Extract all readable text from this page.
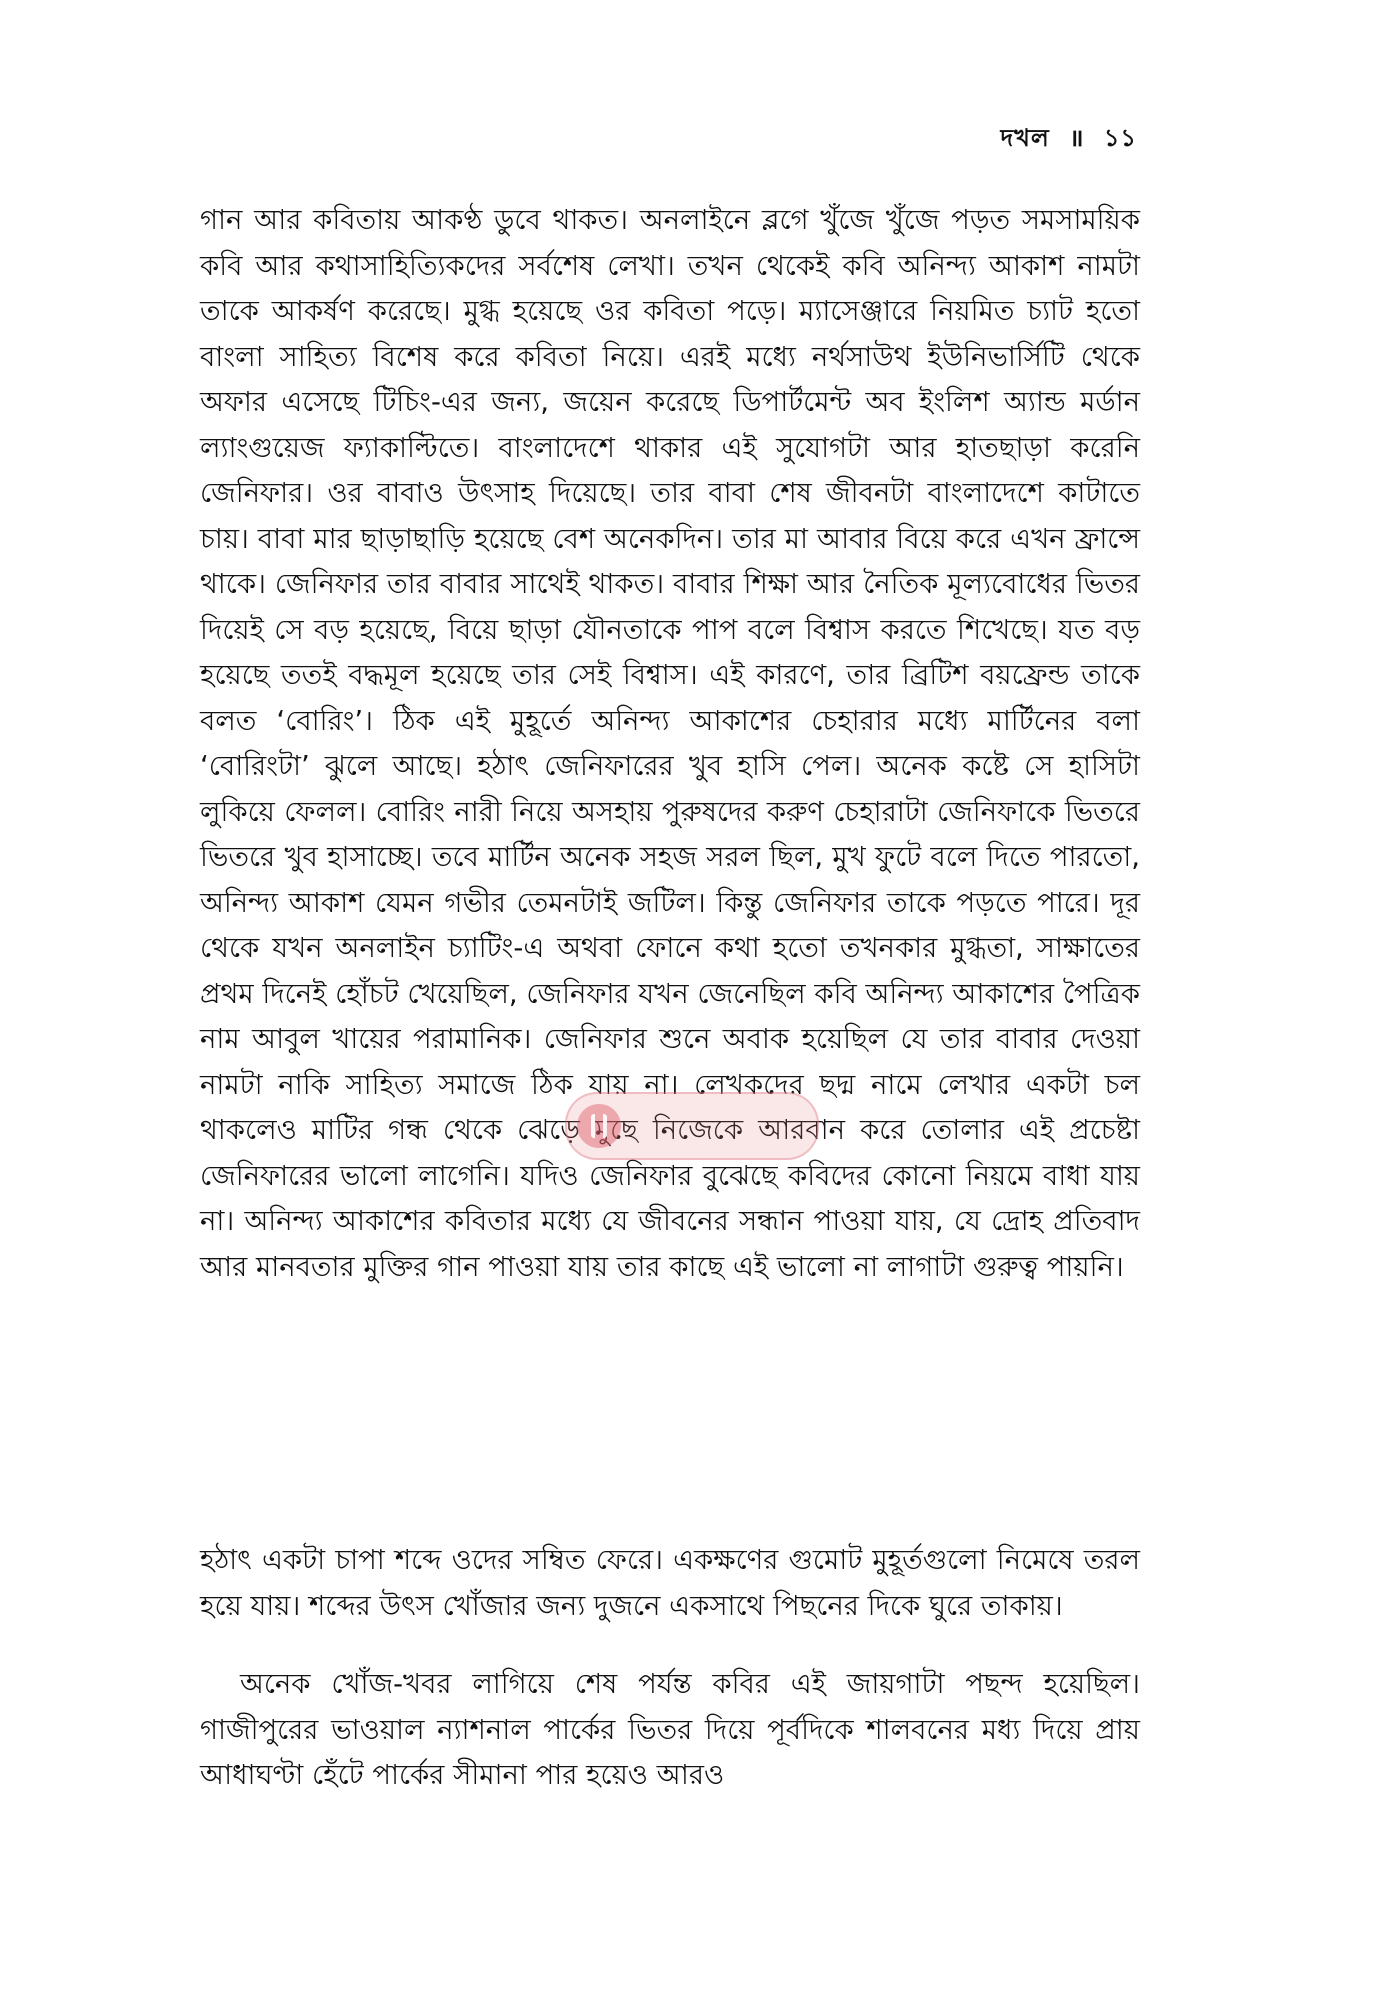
দখল ॥ ১১

গান আর কবিতায় আকণ্ঠ ডুবে থাকত। অনলাইনে ব্লগে খুঁজে খুঁজে পড়ত সমসাময়িক কবি আর কথাসাহিত্যিকদের সর্বশেষ লেখা। তখন থেকেই কবি অনিন্দ্য আকাশ নামটা তাকে আকর্ষণ করেছে। মুগ্ধ হয়েছে ওর কবিতা পড়ে। ম্যাসেঞ্জারে নিয়মিত চ্যাট হতো বাংলা সাহিত্য বিশেষ করে কবিতা নিয়ে। এরই মধ্যে নর্থসাউথ ইউনিভার্সিটি থেকে অফার এসেছে টিচিং-এর জন্য, জয়েন করেছে ডিপার্টমেন্ট অব ইংলিশ অ্যান্ড মর্ডান ল্যাংগুয়েজ ফ্যাকাল্টিতে। বাংলাদেশে থাকার এই সুযোগটা আর হাতছাড়া করেনি জেনিফার। ওর বাবাও উৎসাহ দিয়েছে। তার বাবা শেষ জীবনটা বাংলাদেশে কাটাতে চায়। বাবা মার ছাড়াছাড়ি হয়েছে বেশ অনেকদিন। তার মা আবার বিয়ে করে এখন ফ্রান্সে থাকে। জেনিফার তার বাবার সাথেই থাকত। বাবার শিক্ষা আর নৈতিক মূল্যবোধের ভিতর দিয়েই সে বড় হয়েছে, বিয়ে ছাড়া যৌনতাকে পাপ বলে বিশ্বাস করতে শিখেছে। যত বড় হয়েছে ততই বদ্ধমূল হয়েছে তার সেই বিশ্বাস। এই কারণে, তার ব্রিটিশ বয়ফ্রেন্ড তাকে বলত ‘বোরিং’। ঠিক এই মুহূর্তে অনিন্দ্য আকাশের চেহারার মধ্যে মার্টিনের বলা ‘বোরিংটা’ ঝুলে আছে। হঠাৎ জেনিফারের খুব হাসি পেল। অনেক কষ্টে সে হাসিটা লুকিয়ে ফেলল। বোরিং নারী নিয়ে অসহায় পুরুষদের করুণ চেহারাটা জেনিফাকে ভিতরে ভিতরে খুব হাসাচ্ছে। তবে মার্টিন অনেক সহজ সরল ছিল, মুখ ফুটে বলে দিতে পারতো, অনিন্দ্য আকাশ যেমন গভীর তেমনটাই জটিল। কিন্তু জেনিফার তাকে পড়তে পারে। দূর থেকে যখন অনলাইন চ্যাটিং-এ অথবা ফোনে কথা হতো তখনকার মুগ্ধতা, সাক্ষাতের প্রথম দিনেই হোঁচট খেয়েছিল, জেনিফার যখন জেনেছিল কবি অনিন্দ্য আকাশের পৈত্রিক নাম আবুল খায়ের পরামানিক। জেনিফার শুনে অবাক হয়েছিল যে তার বাবার দেওয়া নামটা নাকি সাহিত্য সমাজে ঠিক যায় না। লেখকদের ছদ্ম নামে লেখার একটা চল থাকলেও মাটির গন্ধ থেকে ঝেড়ে মুছে নিজেকে আরবান করে তোলার এই প্রচেষ্টা জেনিফারের ভালো লাগেনি। যদিও জেনিফার বুঝেছে কবিদের কোনো নিয়মে বাধা যায় না। অনিন্দ্য আকাশের কবিতার মধ্যে যে জীবনের সন্ধান পাওয়া যায়, যে দ্রোহ প্রতিবাদ আর মানবতার মুক্তির গান পাওয়া যায় তার কাছে এই ভালো না লাগাটা গুরুত্ব পায়নি।

হঠাৎ একটা চাপা শব্দে ওদের সম্বিত ফেরে। একক্ষণের গুমোট মুহূর্তগুলো নিমেষে তরল হয়ে যায়। শব্দের উৎস খোঁজার জন্য দুজনে একসাথে পিছনের দিকে ঘুরে তাকায়।

অনেক খোঁজ-খবর লাগিয়ে শেষ পর্যন্ত কবির এই জায়গাটা পছন্দ হয়েছিল। গাজীপুরের ভাওয়াল ন্যাশনাল পার্কের ভিতর দিয়ে পূর্বদিকে শালবনের মধ্য দিয়ে প্রায় আধাঘণ্টা হেঁটে পার্কের সীমানা পার হয়েও আরও
